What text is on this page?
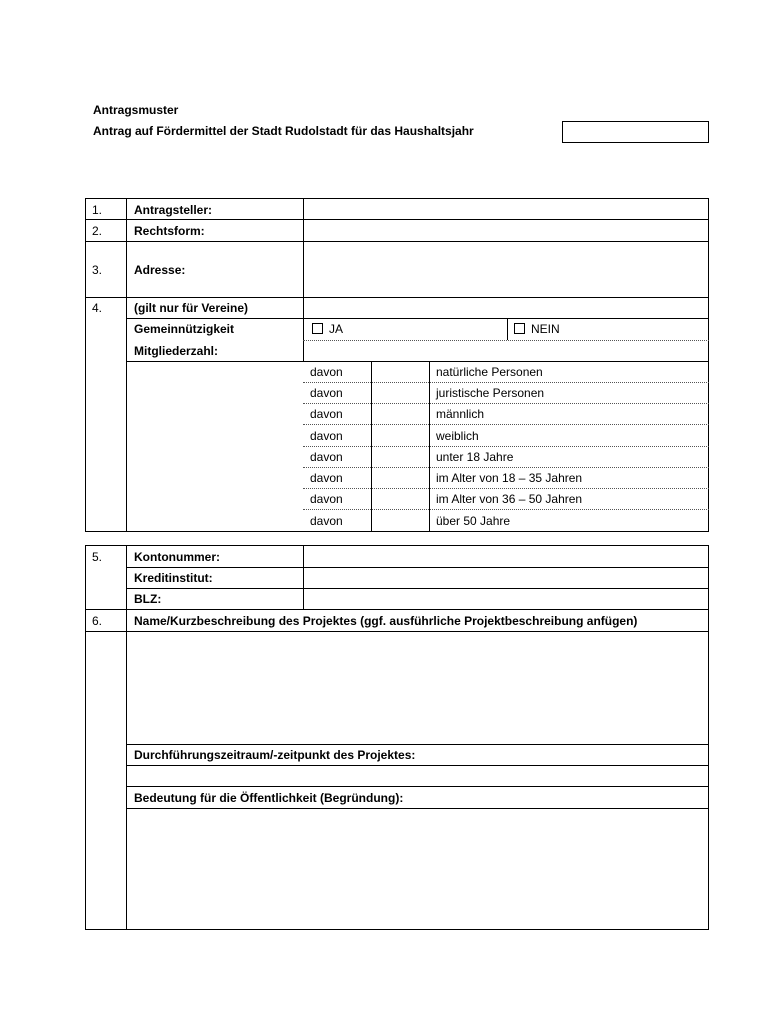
Antragsmuster
Antrag auf Fördermittel der Stadt Rudolstadt für das Haushaltsjahr
1.	Antragsteller:
2.	Rechtsform:
3.	Adresse:
4.	(gilt nur für Vereine)
Gemeinnützigkeit	JA	NEIN
Mitgliederzahl:
davon	natürliche Personen
davon	juristische Personen
davon	männlich
davon	weiblich
davon	unter 18 Jahre
davon	im Alter von 18 – 35 Jahren
davon	im Alter von 36 – 50 Jahren
davon	über 50 Jahre
5.	Kontonummer:
Kreditinstitut:
BLZ:
6.	Name/Kurzbeschreibung des Projektes (ggf. ausführliche Projektbeschreibung anfügen)
Durchführungszeitraum/-zeitpunkt des Projektes:
Bedeutung für die Öffentlichkeit (Begründung):
